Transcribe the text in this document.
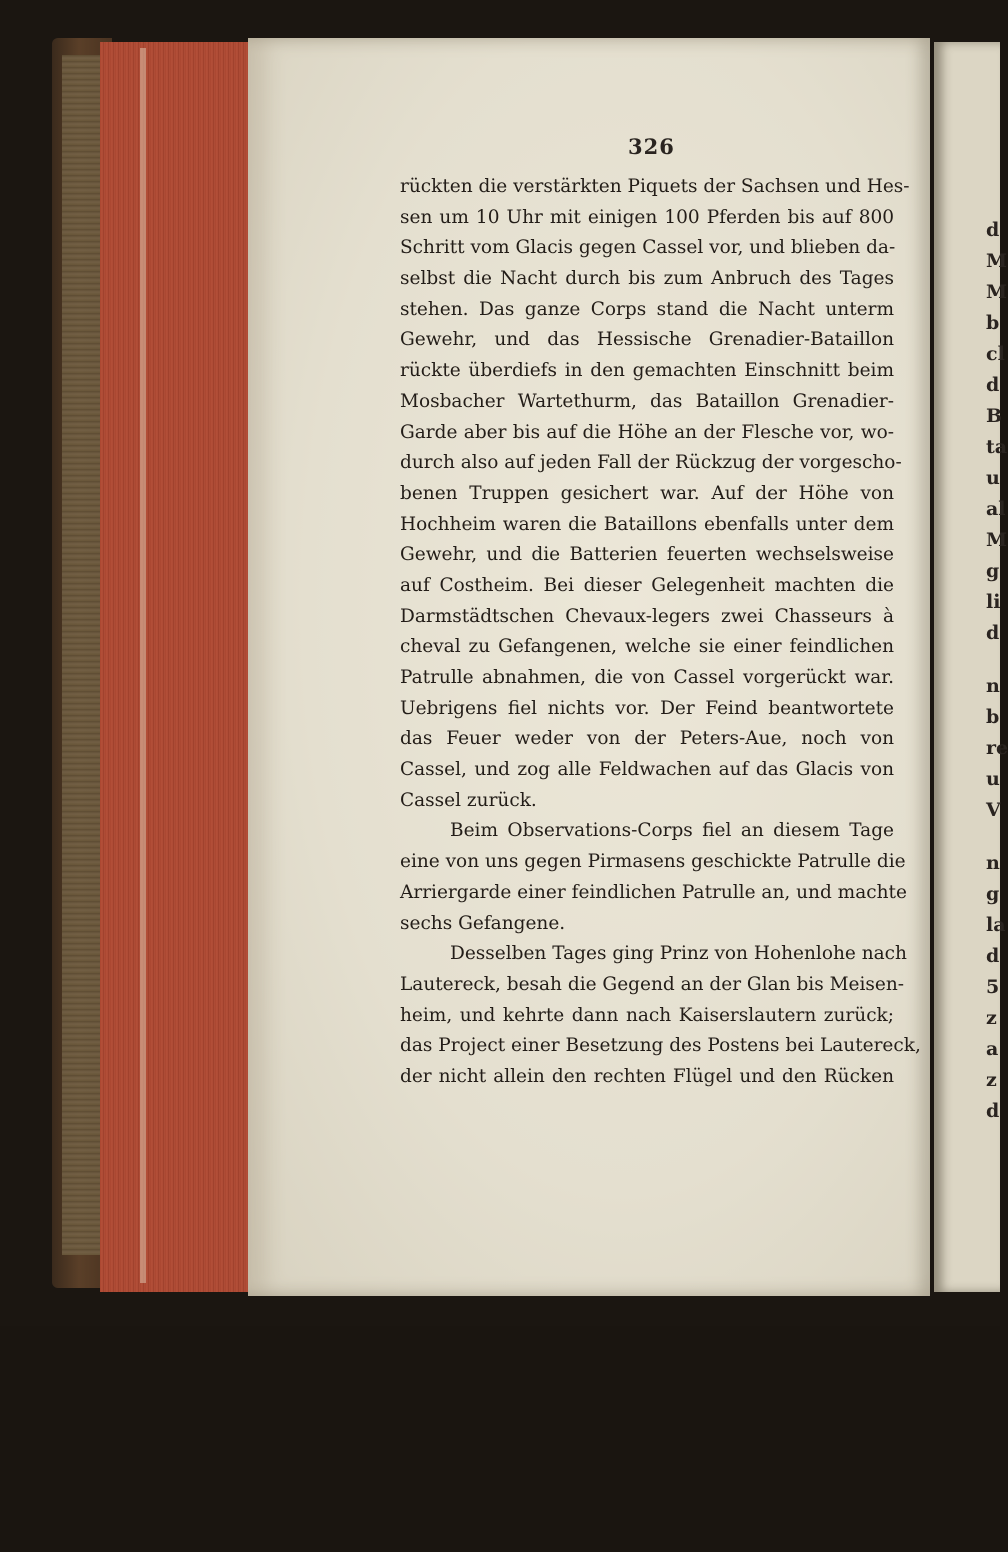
d
M
M
b
cl
d
B
ta
u
al
M
g
li
d
n
b
re
u
V
n
g
la
d
5
z
a
z
d
326
rückten die verstärkten Piquets der Sachsen und Hes-
sen um 10 Uhr mit einigen 100 Pferden bis auf 800
Schritt vom Glacis gegen Cassel vor, und blieben da-
selbst die Nacht durch bis zum Anbruch des Tages
stehen. Das ganze Corps stand die Nacht unterm
Gewehr, und das Hessische Grenadier-Bataillon
rückte überdiefs in den gemachten Einschnitt beim
Mosbacher Wartethurm, das Bataillon Grenadier-
Garde aber bis auf die Höhe an der Flesche vor, wo-
durch also auf jeden Fall der Rückzug der vorgescho-
benen Truppen gesichert war. Auf der Höhe von
Hochheim waren die Bataillons ebenfalls unter dem
Gewehr, und die Batterien feuerten wechselsweise
auf Costheim. Bei dieser Gelegenheit machten die
Darmstädtschen Chevaux-legers zwei Chasseurs à
cheval zu Gefangenen, welche sie einer feindlichen
Patrulle abnahmen, die von Cassel vorgerückt war.
Uebrigens fiel nichts vor. Der Feind beantwortete
das Feuer weder von der Peters-Aue, noch von
Cassel, und zog alle Feldwachen auf das Glacis von
Cassel zurück.
Beim Observations-Corps fiel an diesem Tage
eine von uns gegen Pirmasens geschickte Patrulle die
Arriergarde einer feindlichen Patrulle an, und machte
sechs Gefangene.
Desselben Tages ging Prinz von Hohenlohe nach
Lautereck, besah die Gegend an der Glan bis Meisen-
heim, und kehrte dann nach Kaiserslautern zurück;
das Project einer Besetzung des Postens bei Lautereck,
der nicht allein den rechten Flügel und den Rücken
